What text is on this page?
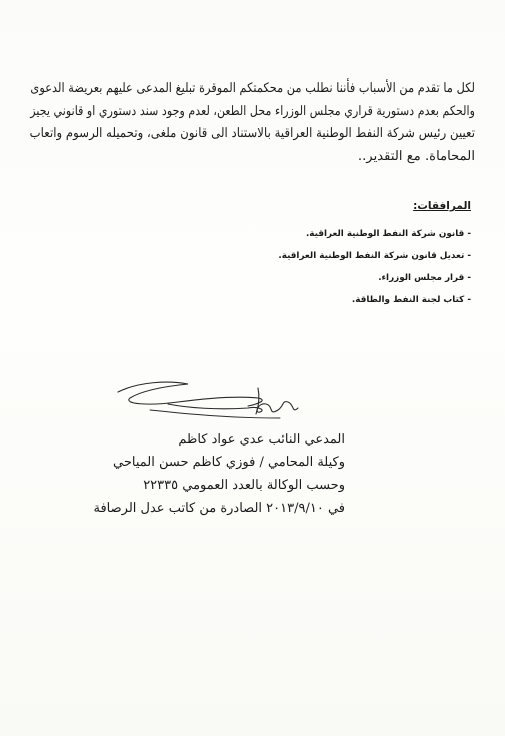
لكل ما تقدم من الأسباب فأننا نطلب من محكمتكم الموقرة تبليغ المدعى عليهم بعريضة الدعوى
والحكم بعدم دستورية قراري مجلس الوزراء محل الطعن، لعدم وجود سند دستوري او قانوني يجيز
تعيين رئيس شركة النفط الوطنية العراقية بالاستناد الى قانون ملغى، وتحميله الرسوم واتعاب
المحاماة. مع التقدير..

المرافقات:
- قانون شركة النفط الوطنية العراقية.
- تعديل قانون شركة النفط الوطنية العراقية.
- قرار مجلس الوزراء.
- كتاب لجنة النفط والطاقة.
المدعي النائب عدي عواد كاظم
وكيلة المحامي / فوزي كاظم حسن المياحي
وحسب الوكالة بالعدد العمومي ٢٢٣٣٥
في ٢٠١٣/٩/١٠ الصادرة من كاتب عدل الرصافة
